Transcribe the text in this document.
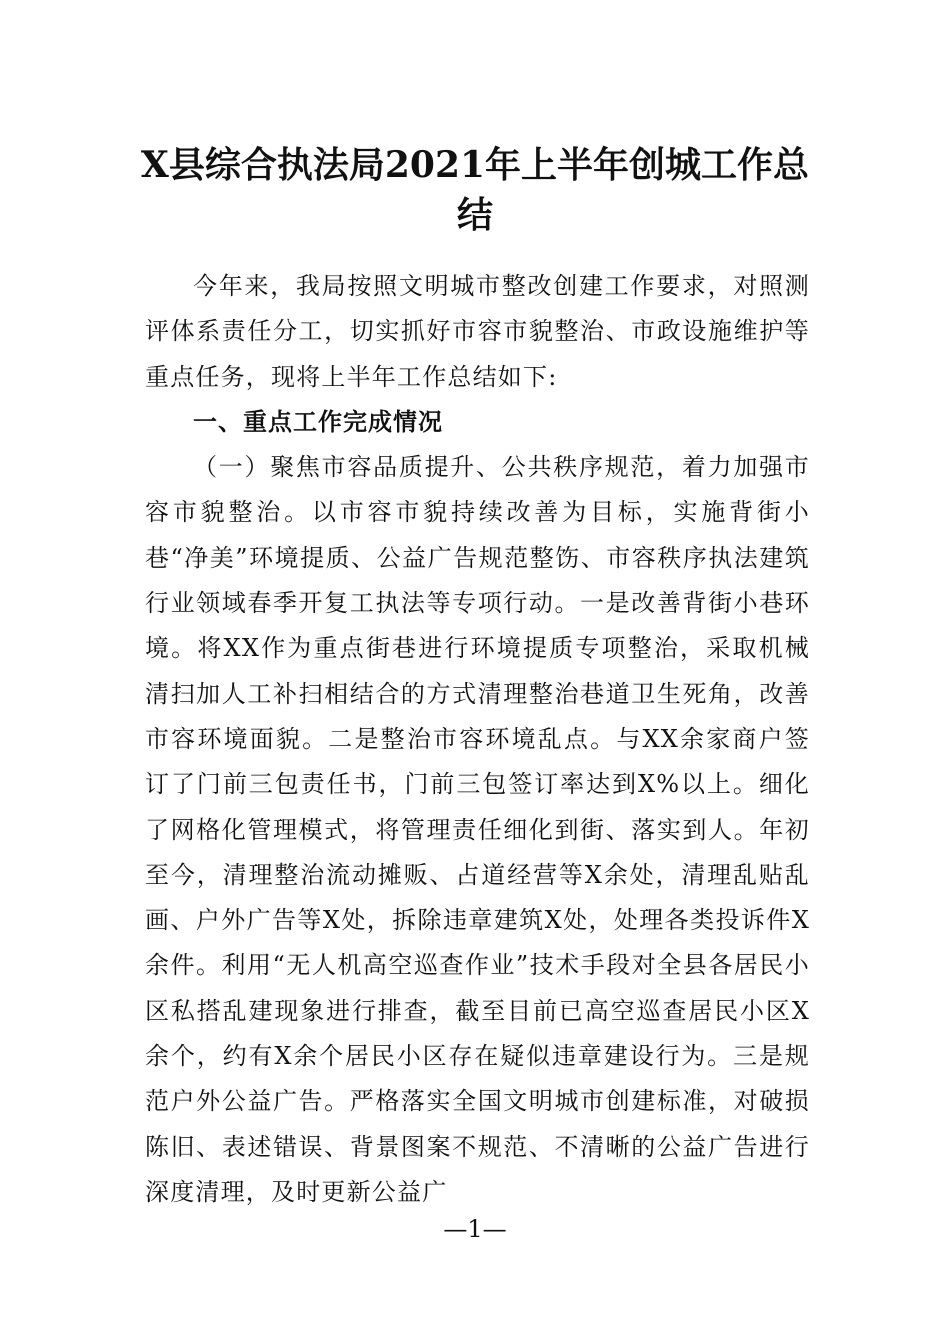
X县综合执法局2021年上半年创城工作总结

今年来，我局按照文明城市整改创建工作要求，对照测评体系责任分工，切实抓好市容市貌整治、市政设施维护等重点任务，现将上半年工作总结如下:

一、重点工作完成情况

（一）聚焦市容品质提升、公共秩序规范，着力加强市容市貌整治。以市容市貌持续改善为目标，实施背街小巷“净美”环境提质、公益广告规范整饬、市容秩序执法建筑行业领域春季开复工执法等专项行动。一是改善背街小巷环境。将XX作为重点街巷进行环境提质专项整治，采取机械清扫加人工补扫相结合的方式清理整治巷道卫生死角，改善市容环境面貌。二是整治市容环境乱点。与XX余家商户签订了门前三包责任书，门前三包签订率达到X%以上。细化了网格化管理模式，将管理责任细化到街、落实到人。年初至今，清理整治流动摊贩、占道经营等X余处，清理乱贴乱画、户外广告等X处，拆除违章建筑X处，处理各类投诉件X余件。利用“无人机高空巡查作业”技术手段对全县各居民小区私搭乱建现象进行排查，截至目前已高空巡查居民小区X余个，约有X余个居民小区存在疑似违章建设行为。三是规范户外公益广告。严格落实全国文明城市创建标准，对破损陈旧、表述错误、背景图案不规范、不清晰的公益广告进行深度清理，及时更新公益广

—1—
